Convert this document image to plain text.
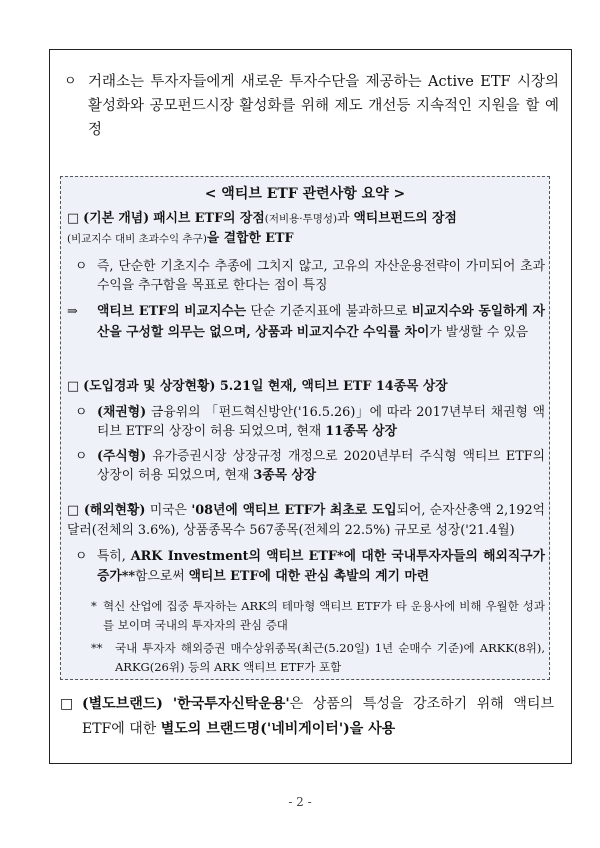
ㅇ 거래소는 투자자들에게 새로운 투자수단을 제공하는 Active ETF 시장의 활성화와 공모펀드시장 활성화를 위해 제도 개선등 지속적인 지원을 할 예정
< 액티브 ETF 관련사항 요약 >
□ (기본 개념) 패시브 ETF의 장점(저비용·투명성)과 액티브펀드의 장점
(비교지수 대비 초과수익 추구)을 결합한 ETF
ㅇ 즉, 단순한 기초지수 추종에 그치지 않고, 고유의 자산운용전략이 가미되어 초과수익을 추구함을 목표로 한다는 점이 특징
⇒ 액티브 ETF의 비교지수는 단순 기준지표에 불과하므로 비교지수와 동일하게 자산을 구성할 의무는 없으며, 상품과 비교지수간 수익률 차이가 발생할 수 있음
□ (도입경과 및 상장현황) 5.21일 현재, 액티브 ETF 14종목 상장
ㅇ (채권형) 금융위의 「펀드혁신방안('16.5.26)」에 따라 2017년부터 채권형 액티브 ETF의 상장이 허용 되었으며, 현재 11종목 상장
ㅇ (주식형) 유가증권시장 상장규정 개정으로 2020년부터 주식형 액티브 ETF의 상장이 허용 되었으며, 현재 3종목 상장
□ (해외현황) 미국은 '08년에 액티브 ETF가 최초로 도입되어, 순자산총액 2,192억달러(전체의 3.6%), 상품종목수 567종목(전체의 22.5%) 규모로 성장('21.4월)
ㅇ 특히, ARK Investment의 액티브 ETF*에 대한 국내투자자들의 해외직구가 증가**함으로써 액티브 ETF에 대한 관심 촉발의 계기 마련
* 혁신 산업에 집중 투자하는 ARK의 테마형 액티브 ETF가 타 운용사에 비해 우월한 성과를 보이며 국내의 투자자의 관심 증대
** 국내 투자자 해외증권 매수상위종목(최근(5.20일) 1년 순매수 기준)에 ARKK(8위), ARKG(26위) 등의 ARK 액티브 ETF가 포함
□ (별도브랜드) '한국투자신탁운용'은 상품의 특성을 강조하기 위해 액티브 ETF에 대한 별도의 브랜드명('네비게이터')을 사용
- 2 -
